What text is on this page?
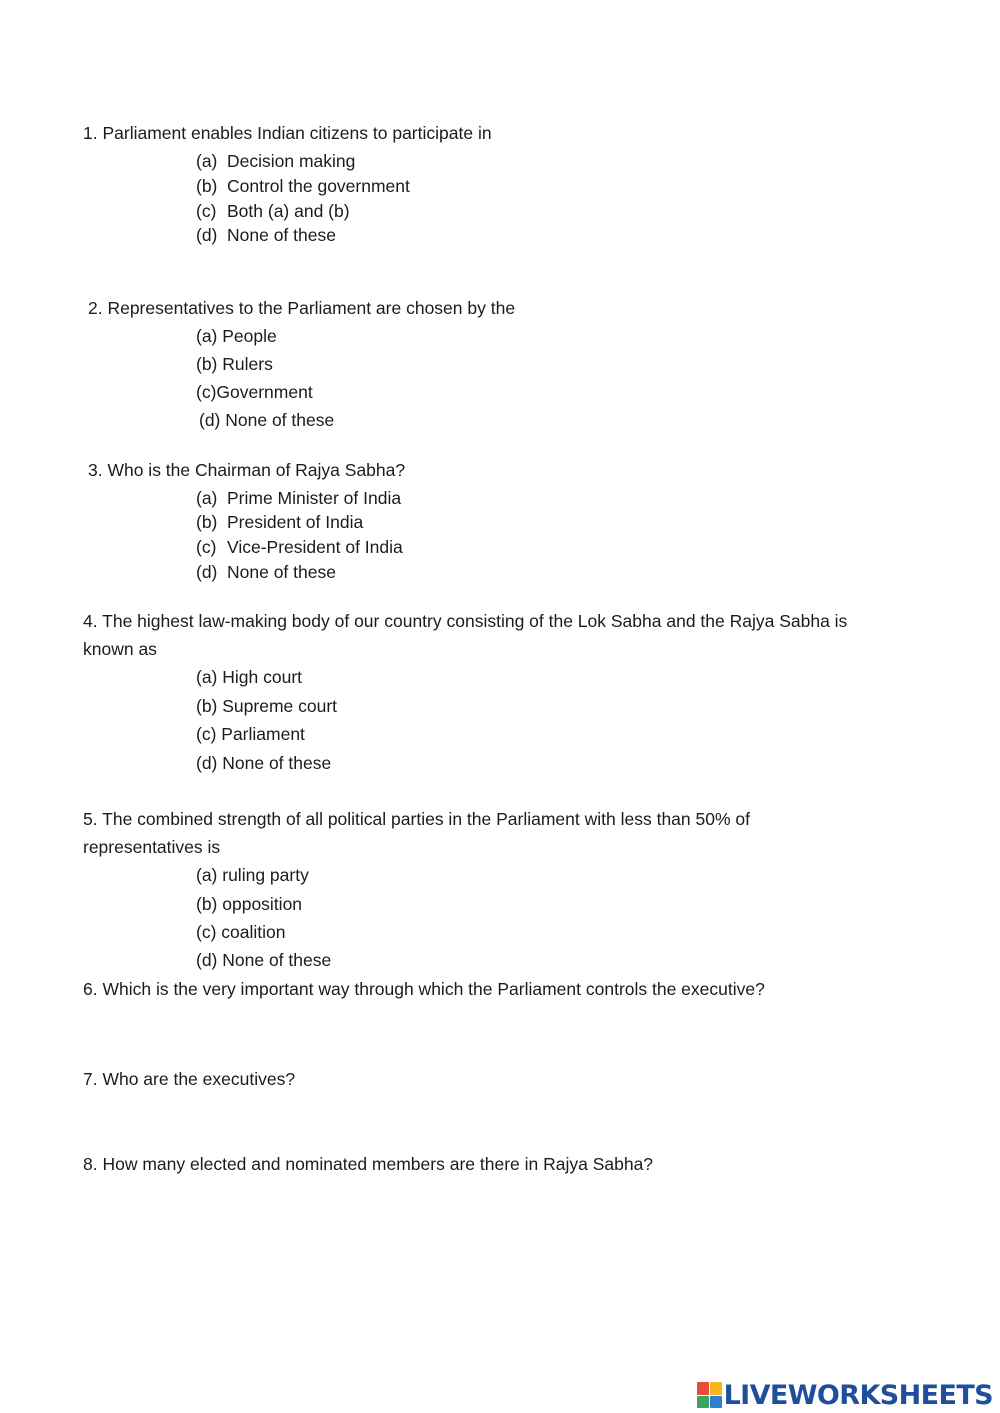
1. Parliament enables Indian citizens to participate in
(a) Decision making
(b) Control the government
(c) Both (a) and (b)
(d) None of these
2. Representatives to the Parliament are chosen by the
(a) People
(b) Rulers
(c)Government
(d) None of these
3. Who is the Chairman of Rajya Sabha?
(a) Prime Minister of India
(b) President of India
(c) Vice-President of India
(d) None of these
4. The highest law-making body of our country consisting of the Lok Sabha and the Rajya Sabha is
known as
(a) High court
(b) Supreme court
(c) Parliament
(d) None of these
5. The combined strength of all political parties in the Parliament with less than 50% of
representatives is
(a) ruling party
(b) opposition
(c) coalition
(d) None of these
6. Which is the very important way through which the Parliament controls the executive?
7. Who are the executives?
8. How many elected and nominated members are there in Rajya Sabha?
LIVEWORKSHEETS
